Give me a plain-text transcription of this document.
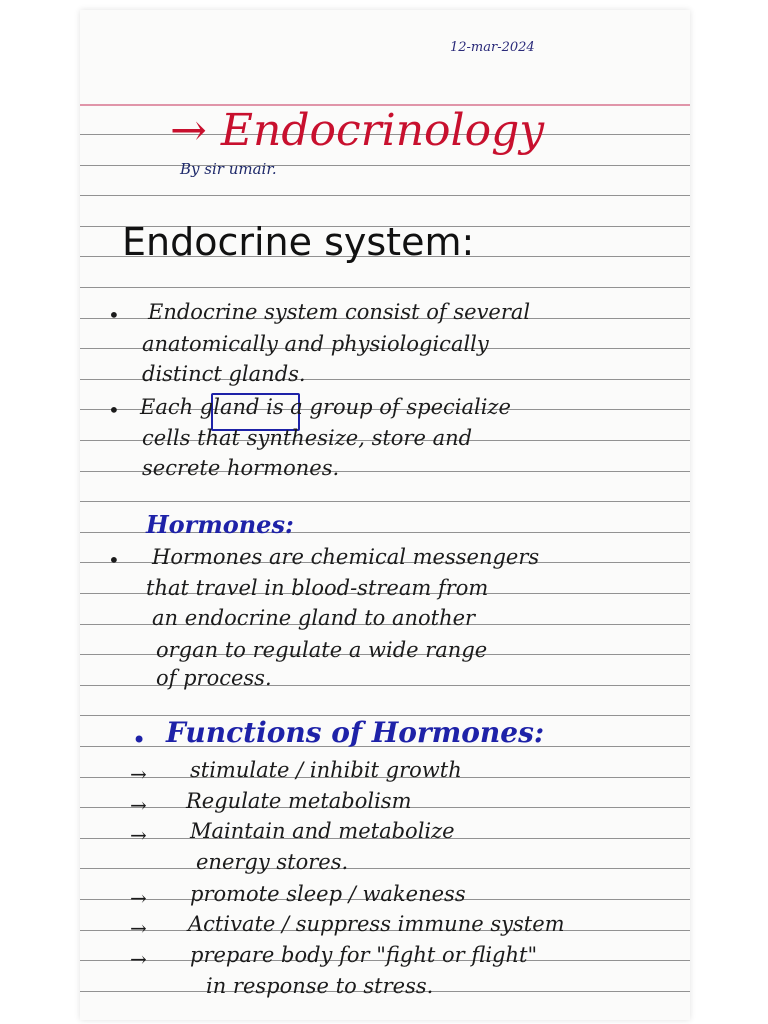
12-mar-2024
→ Endocrinology
By sir umair.
Endocrine system:
• Endocrine system consist of several
anatomically and physiologically
distinct glands.
• Each gland is a group of specialize
cells that synthesize, store and
secrete hormones.
Hormones:
• Hormones are chemical messengers
that travel in blood-stream from
an endocrine gland to another
organ to regulate a wide range
of process.
• Functions of Hormones:
→ stimulate / inhibit growth
→ Regulate metabolism
→ Maintain and metabolize
energy stores.
→ promote sleep / wakeness
→ Activate / suppress immune system
→ prepare body for "fight or flight"
in response to stress.
